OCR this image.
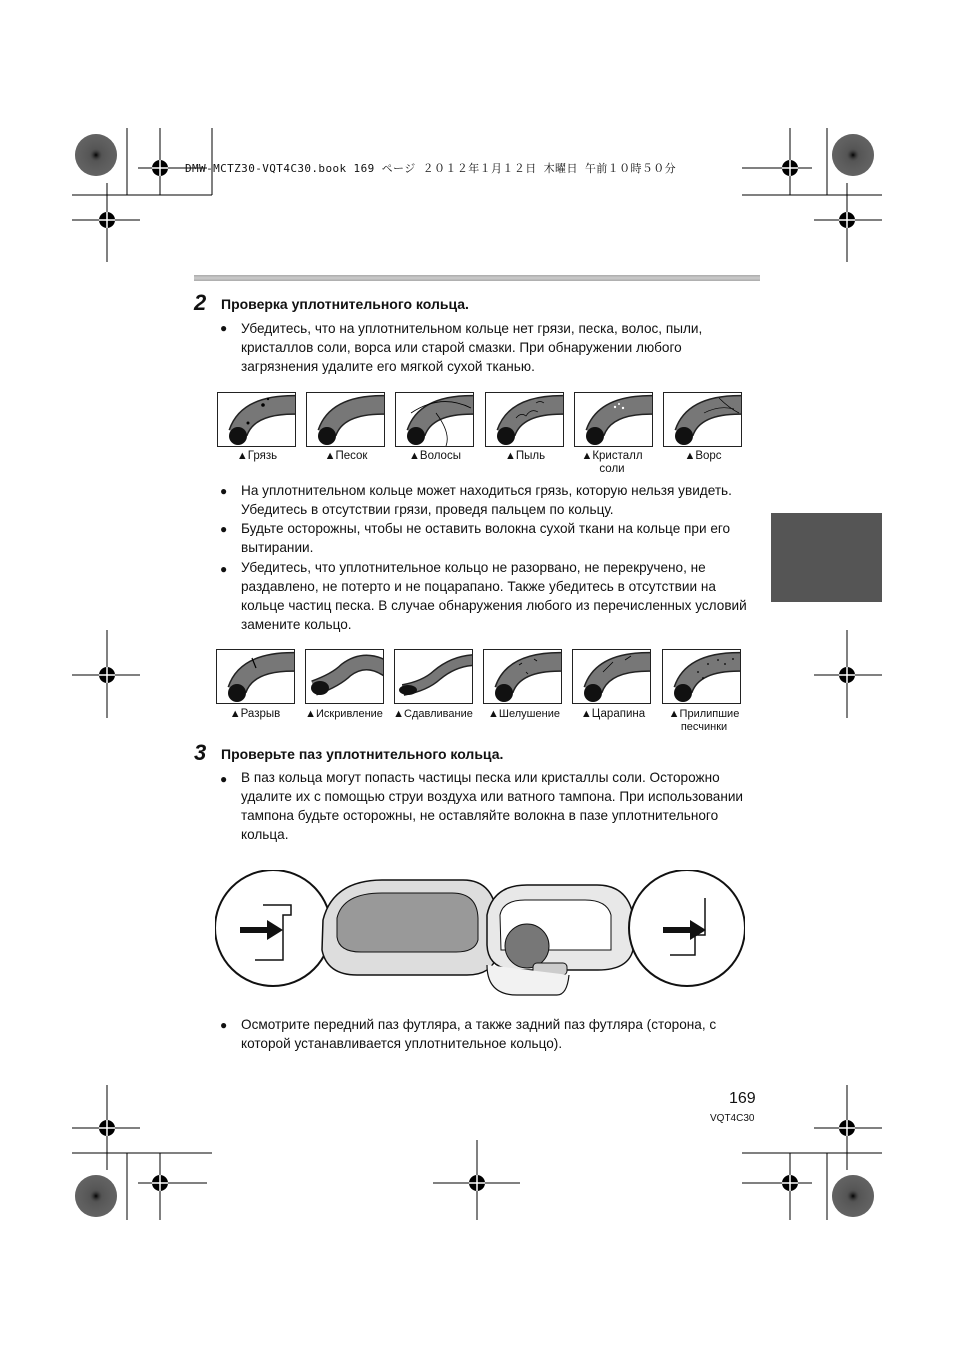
DMW-MCTZ30-VQT4C30.book 169 ページ ２０１２年１月１２日 木曜日 午前１０時５０分
2 Проверка уплотнительного кольца.
● Убедитесь, что на уплотнительном кольце нет грязи, песка, волос, пыли, кристаллов соли, ворса или старой смазки. При обнаружении любого загрязнения удалите его мягкой сухой тканью.
▲Грязь	▲Песок	▲Волосы	▲Пыль	▲Кристалл соли
▲Ворс
● На уплотнительном кольце может находиться грязь, которую нельзя увидеть. Убедитесь в отсутствии грязи, проведя пальцем по кольцу.
● Будьте осторожны, чтобы не оставить волокна сухой ткани на кольце при его вытирании.
● Убедитесь, что уплотнительное кольцо не разорвано, не перекручено, не раздавлено, не потерто и не поцарапано. Также убедитесь в отсутствии на кольце частиц песка. В случае обнаружения любого из перечисленных условий замените кольцо.
▲Разрыв	▲Искривление ▲Сдавливание	▲Шелушение	▲Царапина	▲Прилипшие песчинки
3 Проверьте паз уплотнительного кольца.
● В паз кольца могут попасть частицы песка или кристаллы соли. Осторожно удалите их с помощью струи воздуха или ватного тампона. При использовании тампона будьте осторожны, не оставляйте волокна в пазе уплотнительного кольца.
● Осмотрите передний паз футляра, а также задний паз футляра (сторона, с которой устанавливается уплотнительное кольцо).
169
VQT4C30
